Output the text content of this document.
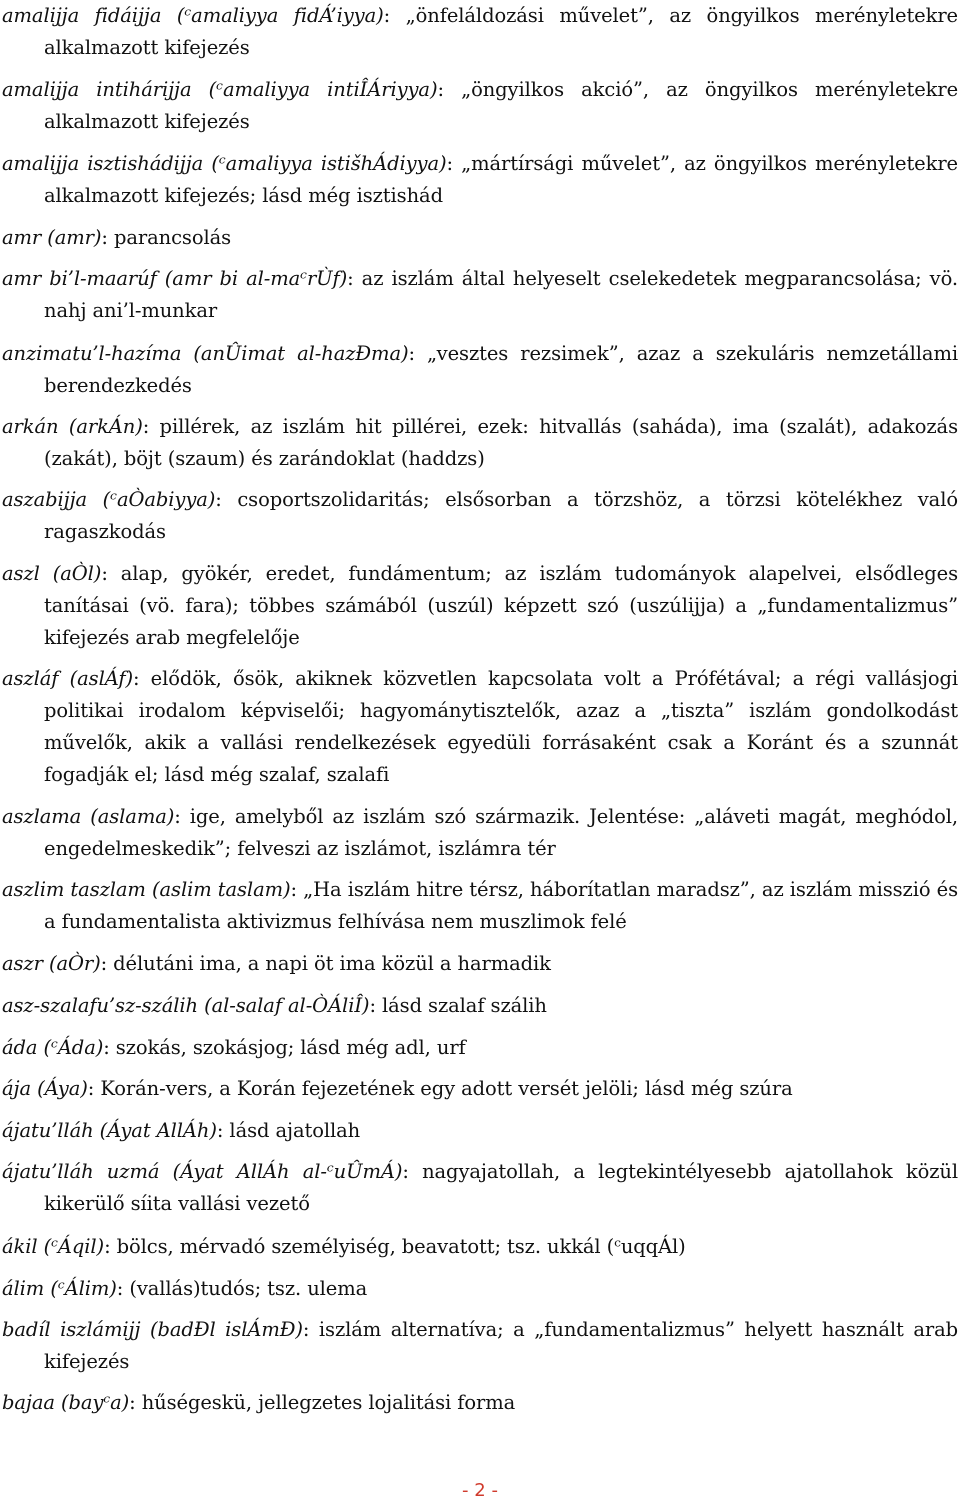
amalijja fidáijja (ᶜamaliyya fidÁ’iyya): „önfeláldozási művelet”, az öngyilkos merényletekre alkalmazott kifejezés
amalijja intihárijja (ᶜamaliyya intiÎÁriyya): „öngyilkos akció”, az öngyilkos merényletekre alkalmazott kifejezés
amalijja isztishádijja (ᶜamaliyya istišhÁdiyya): „mártírsági művelet”, az öngyilkos merényletekre alkalmazott kifejezés; lásd még isztishád
amr (amr): parancsolás
amr bi’l-maarúf (amr bi al-maᶜrÙf): az iszlám által helyeselt cselekedetek megparancsolása; vö. nahj ani’l-munkar
anzimatu’l-hazíma (anÛimat al-hazÐma): „vesztes rezsimek”, azaz a szekuláris nemzetállami berendezkedés
arkán (arkÁn): pillérek, az iszlám hit pillérei, ezek: hitvallás (saháda), ima (szalát), adakozás (zakát), böjt (szaum) és zarándoklat (haddzs)
aszabijja (ᶜaÒabiyya): csoportszolidaritás; elsősorban a törzshöz, a törzsi kötelékhez való ragaszkodás
aszl (aÒl): alap, gyökér, eredet, fundámentum; az iszlám tudományok alapelvei, elsődleges tanításai (vö. fara); többes számából (uszúl) képzett szó (uszúlijja) a „fundamentalizmus” kifejezés arab megfelelője
aszláf (aslÁf): elődök, ősök, akiknek közvetlen kapcsolata volt a Prófétával; a régi vallásjogi politikai irodalom képviselői; hagyománytisztelők, azaz a „tiszta” iszlám gondolkodást művelők, akik a vallási rendelkezések egyedüli forrásaként csak a Koránt és a szunnát fogadják el; lásd még szalaf, szalafi
aszlama (aslama): ige, amelyből az iszlám szó származik. Jelentése: „aláveti magát, meghódol, engedelmeskedik”; felveszi az iszlámot, iszlámra tér
aszlim taszlam (aslim taslam): „Ha iszlám hitre térsz, háborítatlan maradsz”, az iszlám misszió és a fundamentalista aktivizmus felhívása nem muszlimok felé
aszr (aÒr): délutáni ima, a napi öt ima közül a harmadik
asz-szalafu’sz-szálih (al-salaf al-ÒÁliÎ): lásd szalaf szálih
áda (ᶜÁda): szokás, szokásjog; lásd még adl, urf
ája (Áya): Korán-vers, a Korán fejezetének egy adott versét jelöli; lásd még szúra
ájatu’lláh (Áyat AllÁh): lásd ajatollah
ájatu’lláh uzmá (Áyat AllÁh al-ᶜuÛmÁ): nagyajatollah, a legtekintélyesebb ajatollahok közül kikerülő síita vallási vezető
ákil (ᶜÁqil): bölcs, mérvadó személyiség, beavatott; tsz. ukkál (ᶜuqqÁl)
álim (ᶜÁlim): (vallás)tudós; tsz. ulema
badíl iszlámijj (badÐl islÁmÐ): iszlám alternatíva; a „fundamentalizmus” helyett használt arab kifejezés
bajaa (bayᶜa): hűségeskü, jellegzetes lojalitási forma
- 2 -
